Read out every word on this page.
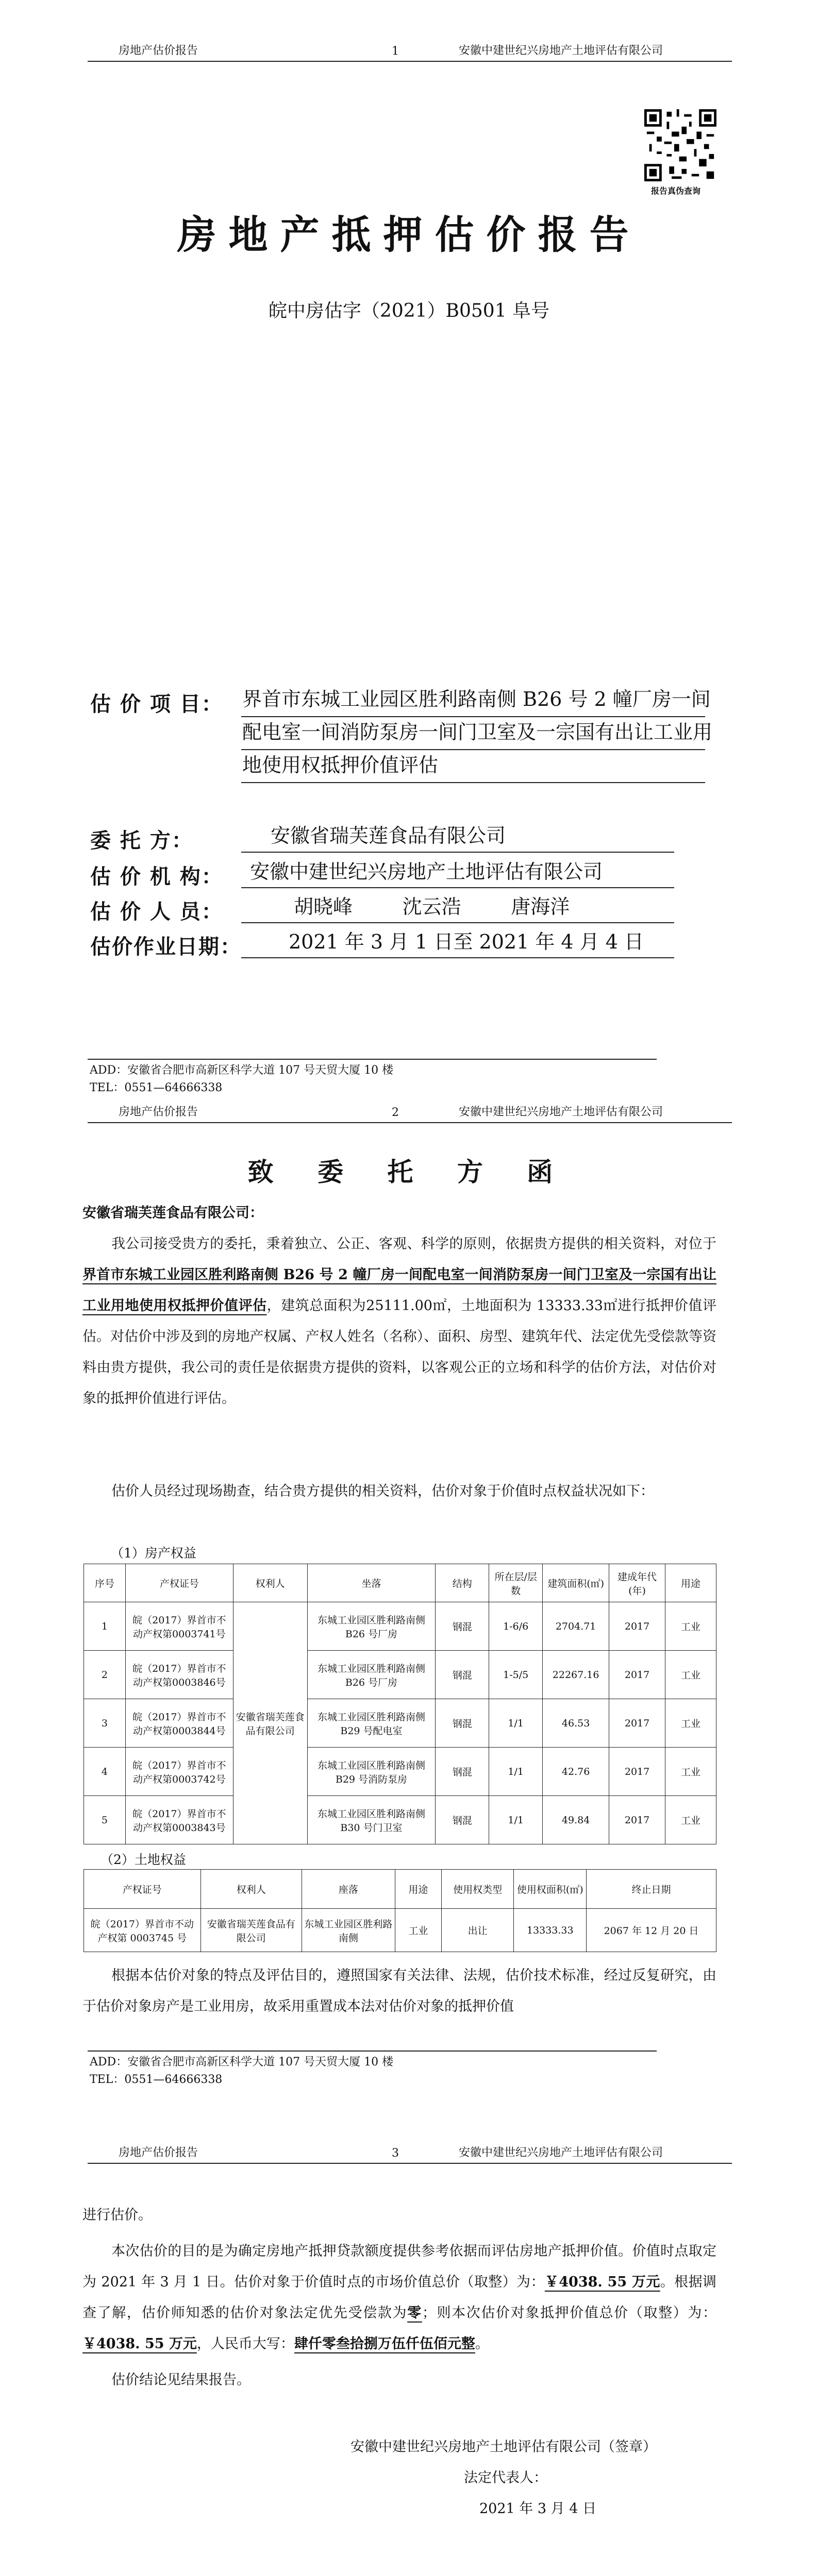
房地产估价报告	1	安徽中建世纪兴房地产土地评估有限公司
报告真伪查询
房地产抵押估价报告
皖中房估字（2021）B0501 阜号
估 价 项 目： 界首市东城工业园区胜利路南侧 B26 号 2 幢厂房一间配电室一间消防泵房一间门卫室及一宗国有出让工业用地使用权抵押价值评估
委 托 方：	安徽省瑞芙莲食品有限公司
估 价 机 构： 安徽中建世纪兴房地产土地评估有限公司
估 价 人 员：	胡晓峰        沈云浩        唐海洋
估价作业日期： 2021 年 3 月 1 日至 2021 年 4 月 4 日
ADD：安徽省合肥市高新区科学大道 107 号天贸大厦 10 楼
TEL：0551—64666338
房地产估价报告	2	安徽中建世纪兴房地产土地评估有限公司
致 委 托 方 函
安徽省瑞芙莲食品有限公司：
我公司接受贵方的委托，秉着独立、公正、客观、科学的原则，依据贵方提供的相关资料，对位于界首市东城工业园区胜利路南侧 B26 号 2 幢厂房一间配电室一间消防泵房一间门卫室及一宗国有出让工业用地使用权抵押价值评估，建筑总面积为25111.00㎡，土地面积为 13333.33㎡进行抵押价值评估。对估价中涉及到的房地产权属、产权人姓名（名称）、面积、房型、建筑年代、法定优先受偿款等资料由贵方提供，我公司的责任是依据贵方提供的资料，以客观公正的立场和科学的估价方法，对估价对象的抵押价值进行评估。
估价人员经过现场勘查，结合贵方提供的相关资料，估价对象于价值时点权益状况如下：
（1）房产权益
序号	产权证号	权利人	坐落	结构	所在层/层数	建筑面积(㎡)	建成年代(年)	用途
1	皖（2017）界首市不动产权第0003741号	安徽省瑞芙莲食品有限公司	东城工业园区胜利路南侧 B26 号厂房	钢混	1-6/6	2704.71	2017	工业
2	皖（2017）界首市不动产权第0003846号		东城工业园区胜利路南侧 B26 号厂房	钢混	1-5/5	22267.16	2017	工业
3	皖（2017）界首市不动产权第0003844号		东城工业园区胜利路南侧 B29 号配电室	钢混	1/1	46.53	2017	工业
4	皖（2017）界首市不动产权第0003742号		东城工业园区胜利路南侧 B29 号消防泵房	钢混	1/1	42.76	2017	工业
5	皖（2017）界首市不动产权第0003843号		东城工业园区胜利路南侧 B30 号门卫室	钢混	1/1	49.84	2017	工业
（2）土地权益
产权证号	权利人	座落	用途	使用权类型	使用权面积(㎡)	终止日期
皖（2017）界首市不动产权第 0003745 号	安徽省瑞芙莲食品有限公司	东城工业园区胜利路南侧	工业	出让	13333.33	2067 年 12 月 20 日
根据本估价对象的特点及评估目的，遵照国家有关法律、法规，估价技术标准，经过反复研究，由于估价对象房产是工业用房，故采用重置成本法对估价对象的抵押价值
ADD：安徽省合肥市高新区科学大道 107 号天贸大厦 10 楼
TEL：0551—64666338
房地产估价报告	3	安徽中建世纪兴房地产土地评估有限公司
进行估价。
本次估价的目的是为确定房地产抵押贷款额度提供参考依据而评估房地产抵押价值。价值时点取定为 2021 年 3 月 1 日。估价对象于价值时点的市场价值总价（取整）为：￥4038. 55 万元。根据调查了解，估价师知悉的估价对象法定优先受偿款为零；则本次估价对象抵押价值总价（取整）为：￥4038. 55 万元，人民币大写：肆仟零叁拾捌万伍仟伍佰元整。
估价结论见结果报告。
安徽中建世纪兴房地产土地评估有限公司（签章）
法定代表人：
2021 年 3 月 4 日
